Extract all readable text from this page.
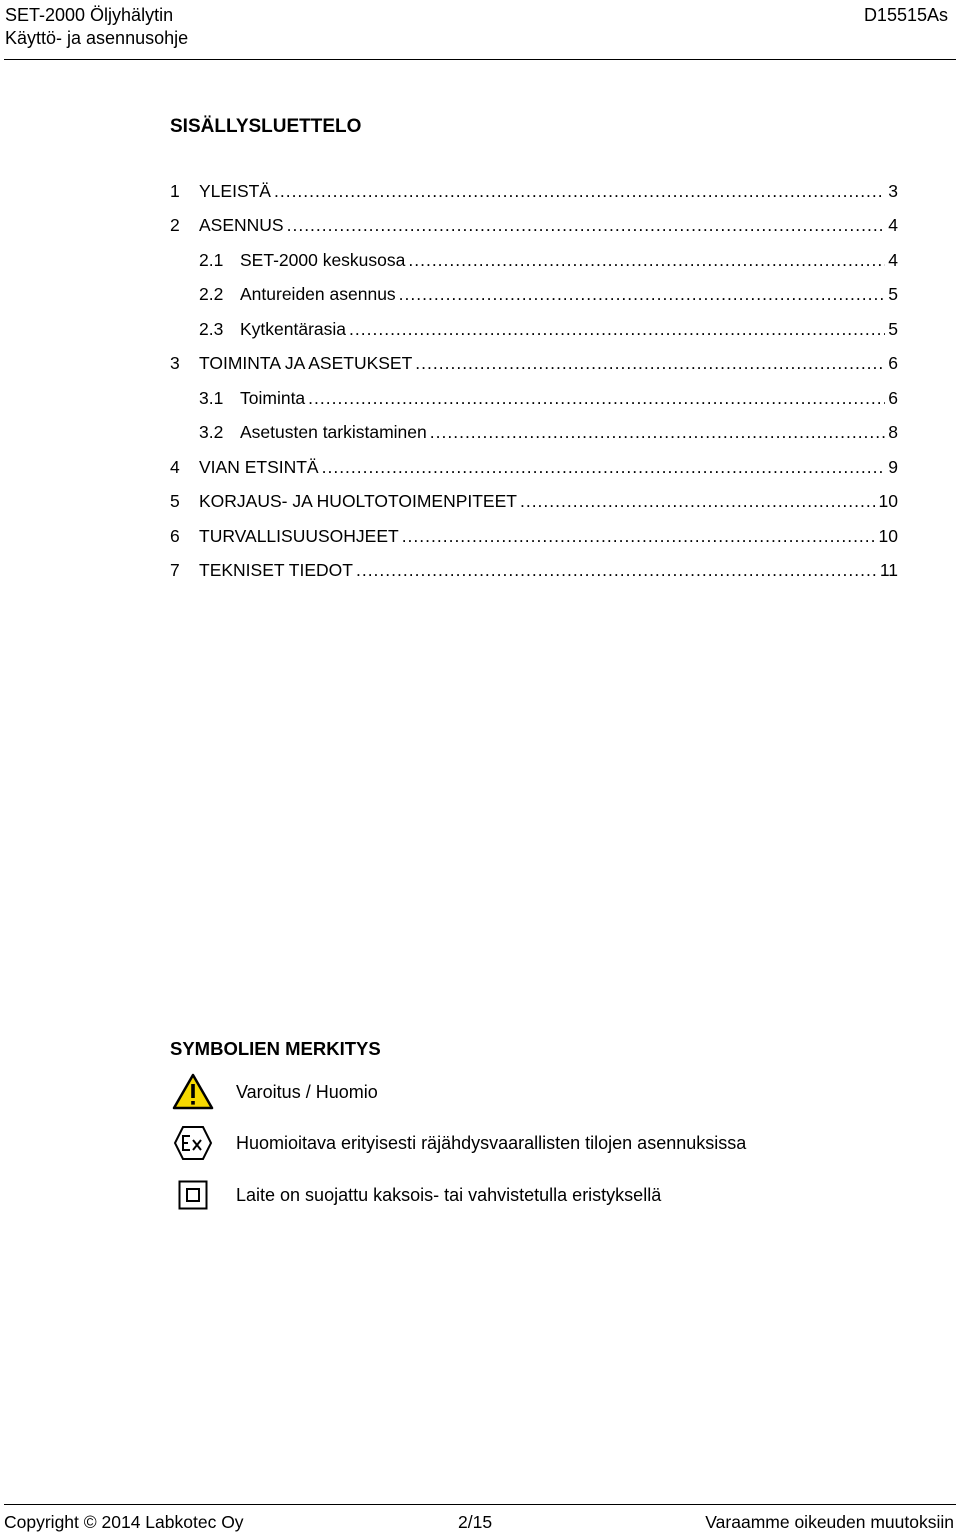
SET-2000 Öljyhälytin
Käyttö- ja asennusohje
D15515As
SISÄLLYSLUETTELO
1	YLEISTÄ .....	3
2	ASENNUS .....	4
2.1 SET-2000 keskusosa .....	4
2.2 Antureiden asennus .....	5
2.3 Kytkentärasia .....	5
3	TOIMINTA JA ASETUKSET .....	6
3.1 Toiminta .....	6
3.2 Asetusten tarkistaminen .....	8
4	VIAN ETSINTÄ .....	9
5	KORJAUS- JA HUOLTOTOIMENPITEET .....	10
6	TURVALLISUUSOHJEET .....	10
7	TEKNISET TIEDOT .....	11
SYMBOLIEN MERKITYS
Varoitus / Huomio
Huomioitava erityisesti räjähdysvaarallisten tilojen asennuksissa
Laite on suojattu kaksois- tai vahvistetulla eristyksellä
Copyright © 2014 Labkotec Oy	2/15	Varaamme oikeuden muutoksiin
